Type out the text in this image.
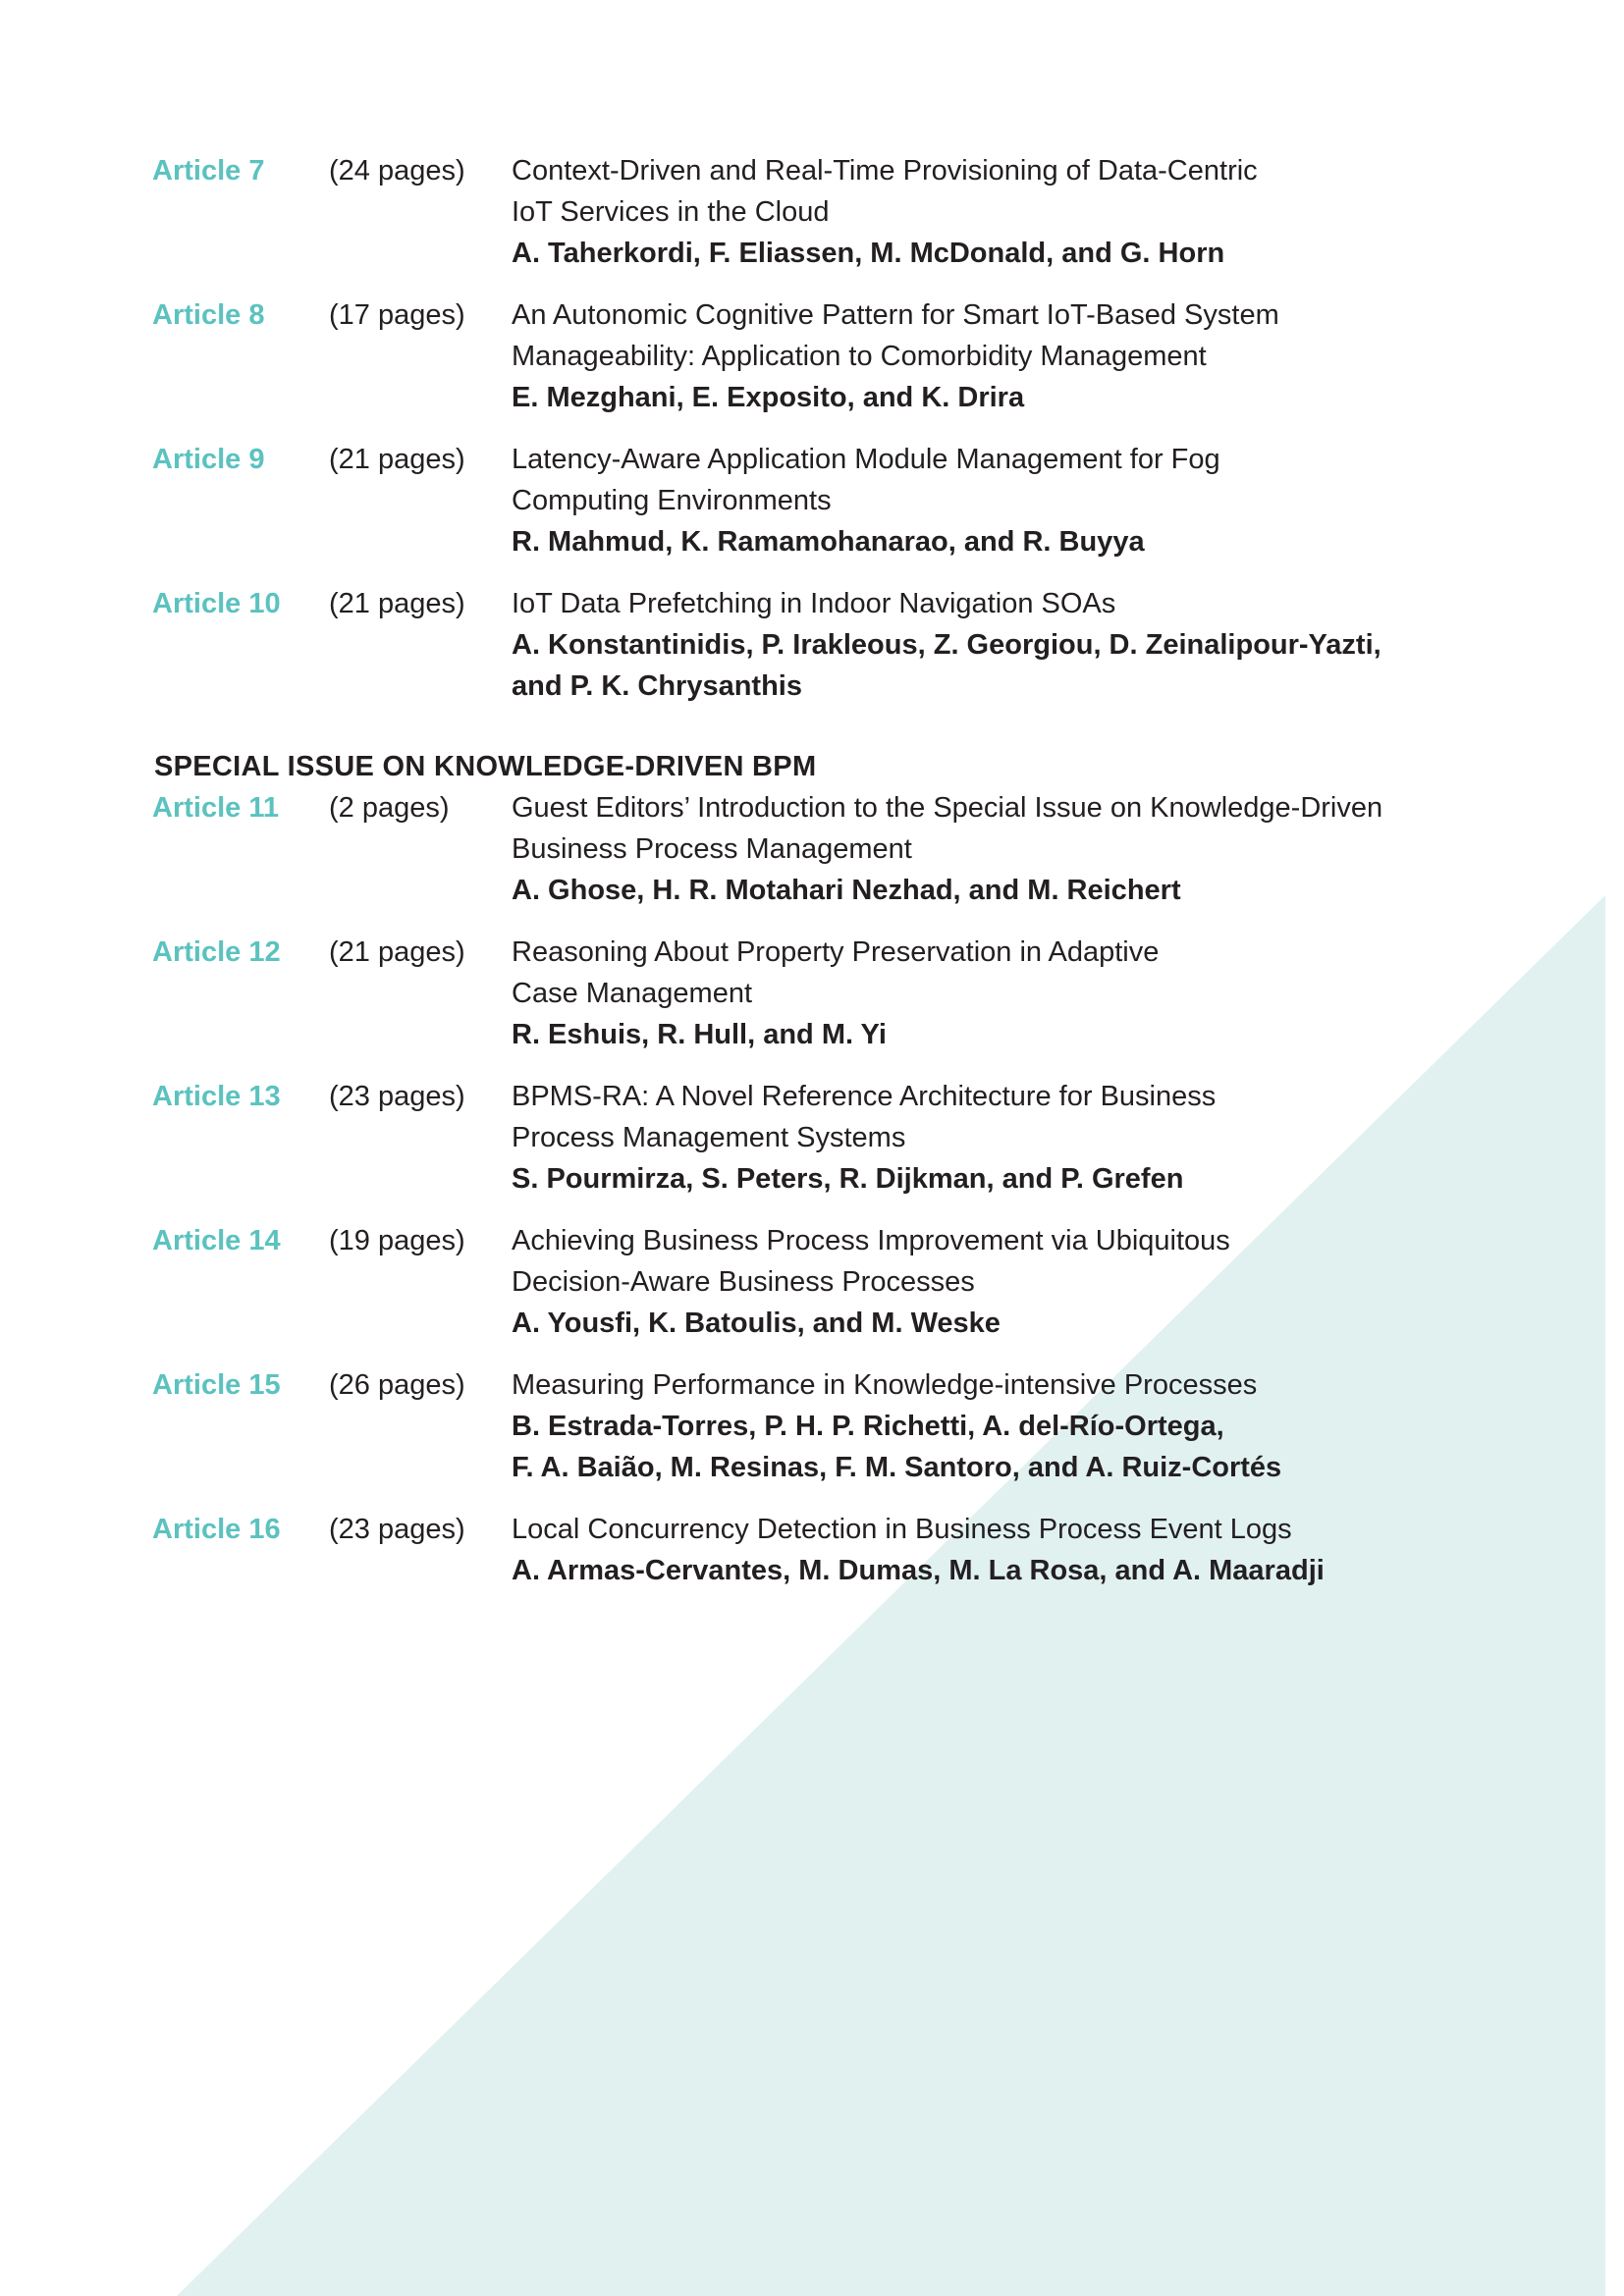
Article 7 (24 pages) Context-Driven and Real-Time Provisioning of Data-Centric
IoT Services in the Cloud
A. Taherkordi, F. Eliassen, M. McDonald, and G. Horn
Article 8 (17 pages) An Autonomic Cognitive Pattern for Smart IoT-Based System
Manageability: Application to Comorbidity Management
E. Mezghani, E. Exposito, and K. Drira
Article 9 (21 pages) Latency-Aware Application Module Management for Fog
Computing Environments
R. Mahmud, K. Ramamohanarao, and R. Buyya
Article 10 (21 pages) IoT Data Prefetching in Indoor Navigation SOAs
A. Konstantinidis, P. Irakleous, Z. Georgiou, D. Zeinalipour-Yazti,
and P. K. Chrysanthis
SPECIAL ISSUE ON KNOWLEDGE-DRIVEN BPM
Article 11 (2 pages) Guest Editors’ Introduction to the Special Issue on Knowledge-Driven
Business Process Management
A. Ghose, H. R. Motahari Nezhad, and M. Reichert
Article 12 (21 pages) Reasoning About Property Preservation in Adaptive
Case Management
R. Eshuis, R. Hull, and M. Yi
Article 13 (23 pages) BPMS-RA: A Novel Reference Architecture for Business
Process Management Systems
S. Pourmirza, S. Peters, R. Dijkman, and P. Grefen
Article 14 (19 pages) Achieving Business Process Improvement via Ubiquitous
Decision-Aware Business Processes
A. Yousfi, K. Batoulis, and M. Weske
Article 15 (26 pages) Measuring Performance in Knowledge-intensive Processes
B. Estrada-Torres, P. H. P. Richetti, A. del-Río-Ortega,
F. A. Baião, M. Resinas, F. M. Santoro, and A. Ruiz-Cortés
Article 16 (23 pages) Local Concurrency Detection in Business Process Event Logs
A. Armas-Cervantes, M. Dumas, M. La Rosa, and A. Maaradji
